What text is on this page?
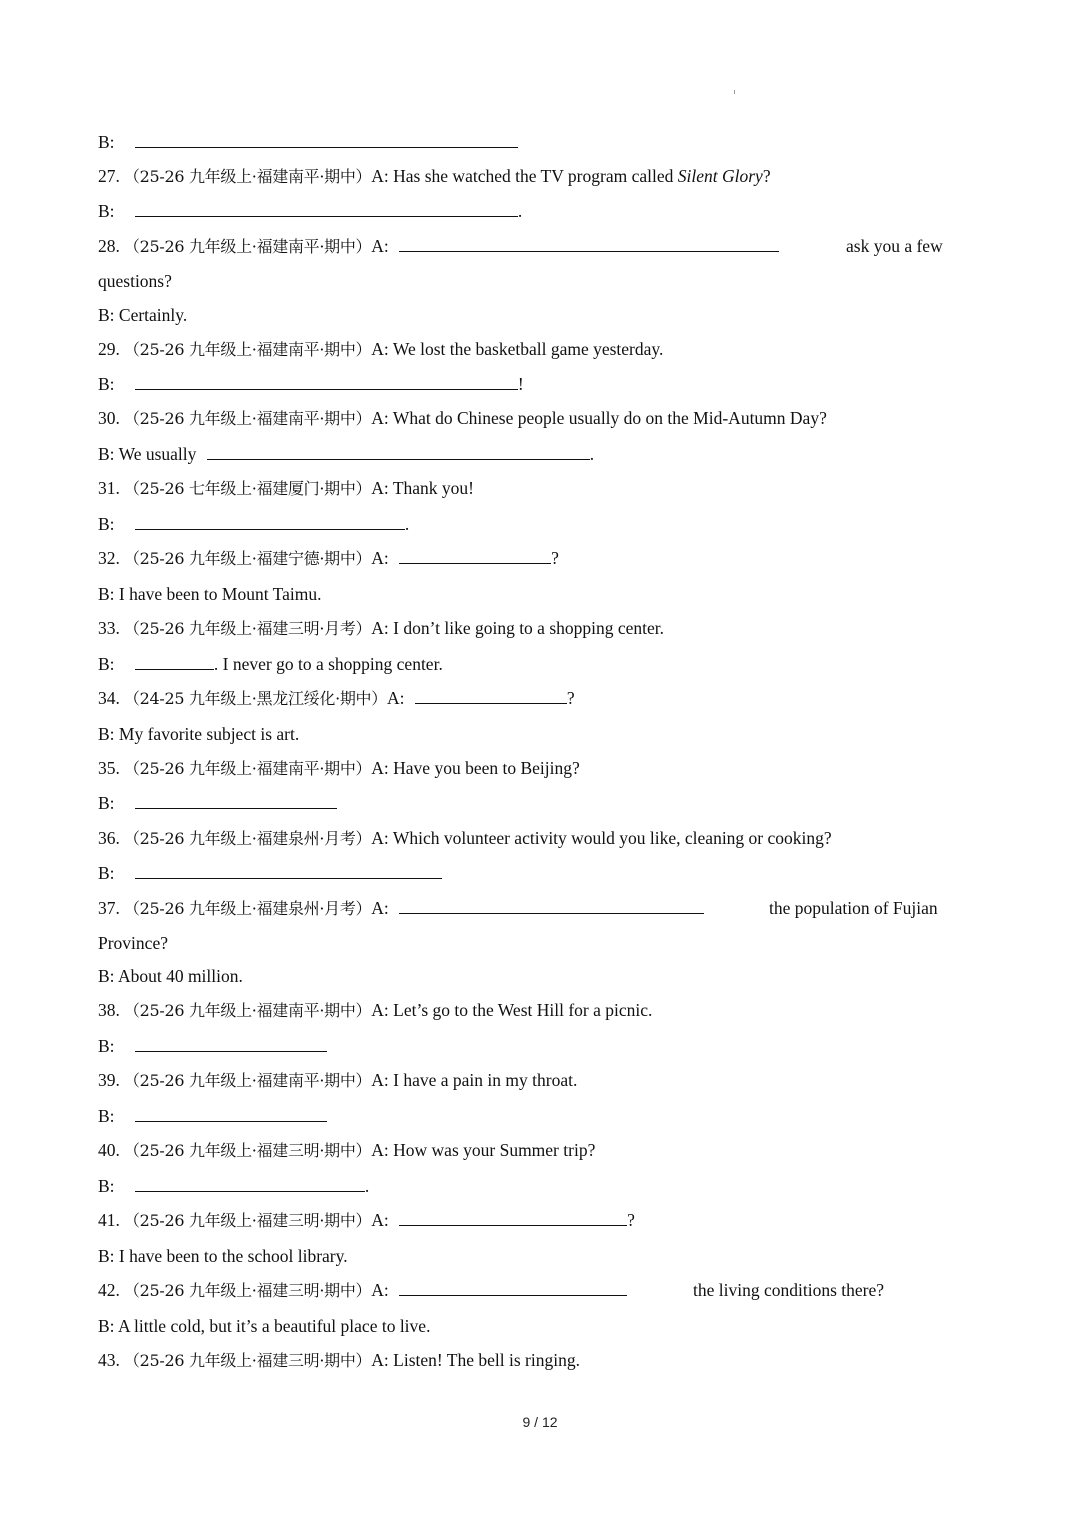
B:
27. （25-26 九年级上·福建南平·期中）A: Has she watched the TV program called Silent Glory?
B:	.
28. （25-26 九年级上·福建南平·期中）A:	ask you a few
questions?
B: Certainly.
29. （25-26 九年级上·福建南平·期中）A: We lost the basketball game yesterday.
B:	!
30. （25-26 九年级上·福建南平·期中）A: What do Chinese people usually do on the Mid-Autumn Day?
B: We usually	.
31. （25-26 七年级上·福建厦门·期中）A: Thank you!
B:	.
32. （25-26 九年级上·福建宁德·期中）A:	?
B: I have been to Mount Taimu.
33. （25-26 九年级上·福建三明·月考）A: I don’t like going to a shopping center.
B:	. I never go to a shopping center.
34. （24-25 九年级上·黑龙江绥化·期中）A:	?
B: My favorite subject is art.
35. （25-26 九年级上·福建南平·期中）A: Have you been to Beijing?
B:
36. （25-26 九年级上·福建泉州·月考）A: Which volunteer activity would you like, cleaning or cooking?
B:
37. （25-26 九年级上·福建泉州·月考）A:	the population of Fujian
Province?
B: About 40 million.
38. （25-26 九年级上·福建南平·期中）A: Let’s go to the West Hill for a picnic.
B:
39. （25-26 九年级上·福建南平·期中）A: I have a pain in my throat.
B:
40. （25-26 九年级上·福建三明·期中）A: How was your Summer trip?
B:	.
41. （25-26 九年级上·福建三明·期中）A:	?
B: I have been to the school library.
42. （25-26 九年级上·福建三明·期中）A:	the living conditions there?
B: A little cold, but it’s a beautiful place to live.
43. （25-26 九年级上·福建三明·期中）A: Listen! The bell is ringing.
9 / 12
